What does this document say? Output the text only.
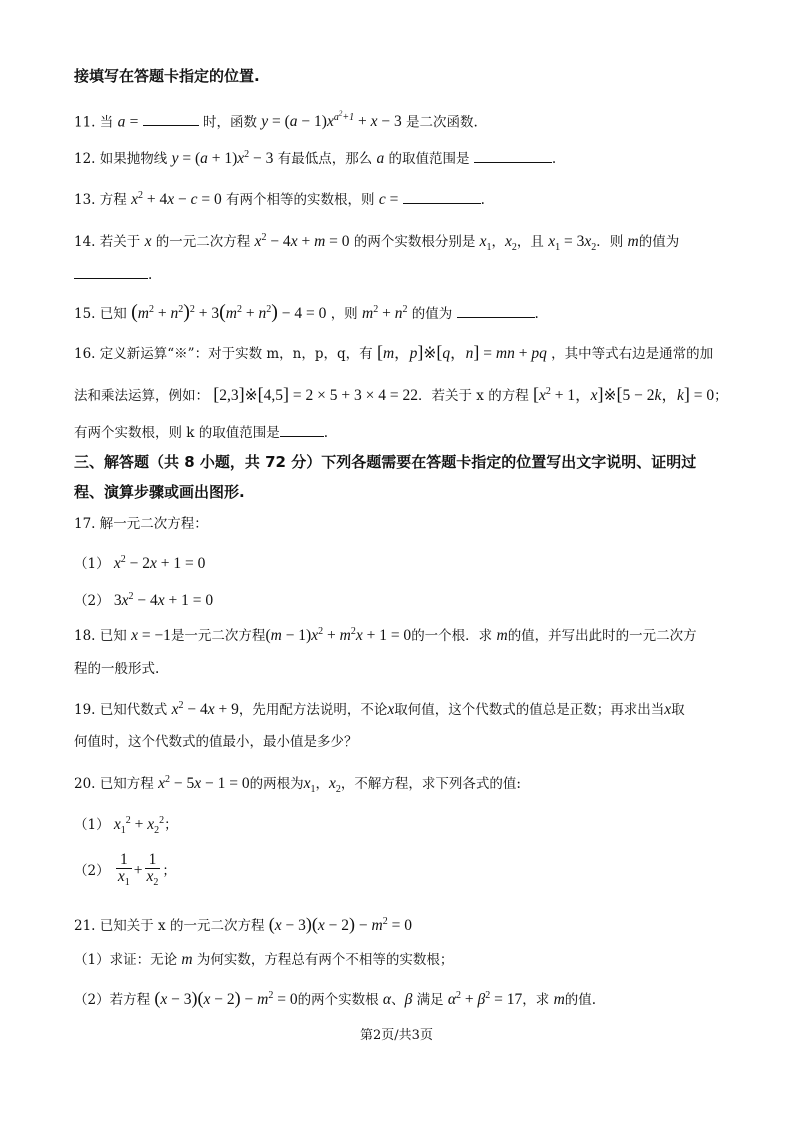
接填写在答题卡指定的位置.
11. 当 a =	时，函数 $y = (a - 1)x^{a^2+1} + x - 3$ 是二次函数.
12. 如果抛物线 $y = (a + 1)x^2 - 3$ 有最低点，那么 a 的取值范围是	.
13. 方程 $x^2 + 4x - c = 0$ 有两个相等的实数根，则 c =	.
14. 若关于 x 的一元二次方程 $x^2 - 4x + m = 0$ 的两个实数根分别是 $x_1$，$x_2$，且 $x_1 = 3x_2$．则 m的值为
.
15. 已知 $(m^2 + n^2)^2 + 3(m^2 + n^2) - 4 = 0$ ，则 $m^2 + n^2$ 的值为	.
16. 定义新运算“※”：对于实数 m，n，p，q，有 [m，p]※[q，n] = mn + pq ，其中等式右边是通常的加
法和乘法运算，例如： [2,3]※[4,5] = 2 × 5 + 3 × 4 = 22．若关于 x 的方程 [$x^2 + 1$，x]※[5 − 2k，k] = 0；
有两个实数根，则 k 的取值范围是	.
三、解答题（共 8 小题，共 72 分）下列各题需要在答题卡指定的位置写出文字说明、证明过
程、演算步骤或画出图形.
17. 解一元二次方程：
（1） $x^2 - 2x + 1 = 0$
（2） $3x^2 - 4x + 1 = 0$
18. 已知 x = −1是一元二次方程$(m - 1)x^2 + m^2x + 1 = 0$的一个根．求 m的值，并写出此时的一元二次方
程的一般形式.
19. 已知代数式 $x^2 - 4x + 9$，先用配方法说明，不论x取何值，这个代数式的值总是正数；再求出当x取
何值时，这个代数式的值最小，最小值是多少？
20. 已知方程 $x^2 - 5x - 1 = 0$的两根为$x_1$，$x_2$，不解方程，求下列各式的值:
（1） $x_1^2 + x_2^2$；
$(2) \frac{1}{x_1} + \frac{1}{x_2}$ ；
21. 已知关于 x 的一元二次方程 $(x - 3)(x - 2) - m^2 = 0$
（1）求证：无论 m 为何实数，方程总有两个不相等的实数根；
（2）若方程 $(x - 3)(x - 2) - m^2 = 0$的两个实数根 α、β 满足 $\alpha^2 + \beta^2 = 17$，求 m的值.
第2页/共3页
